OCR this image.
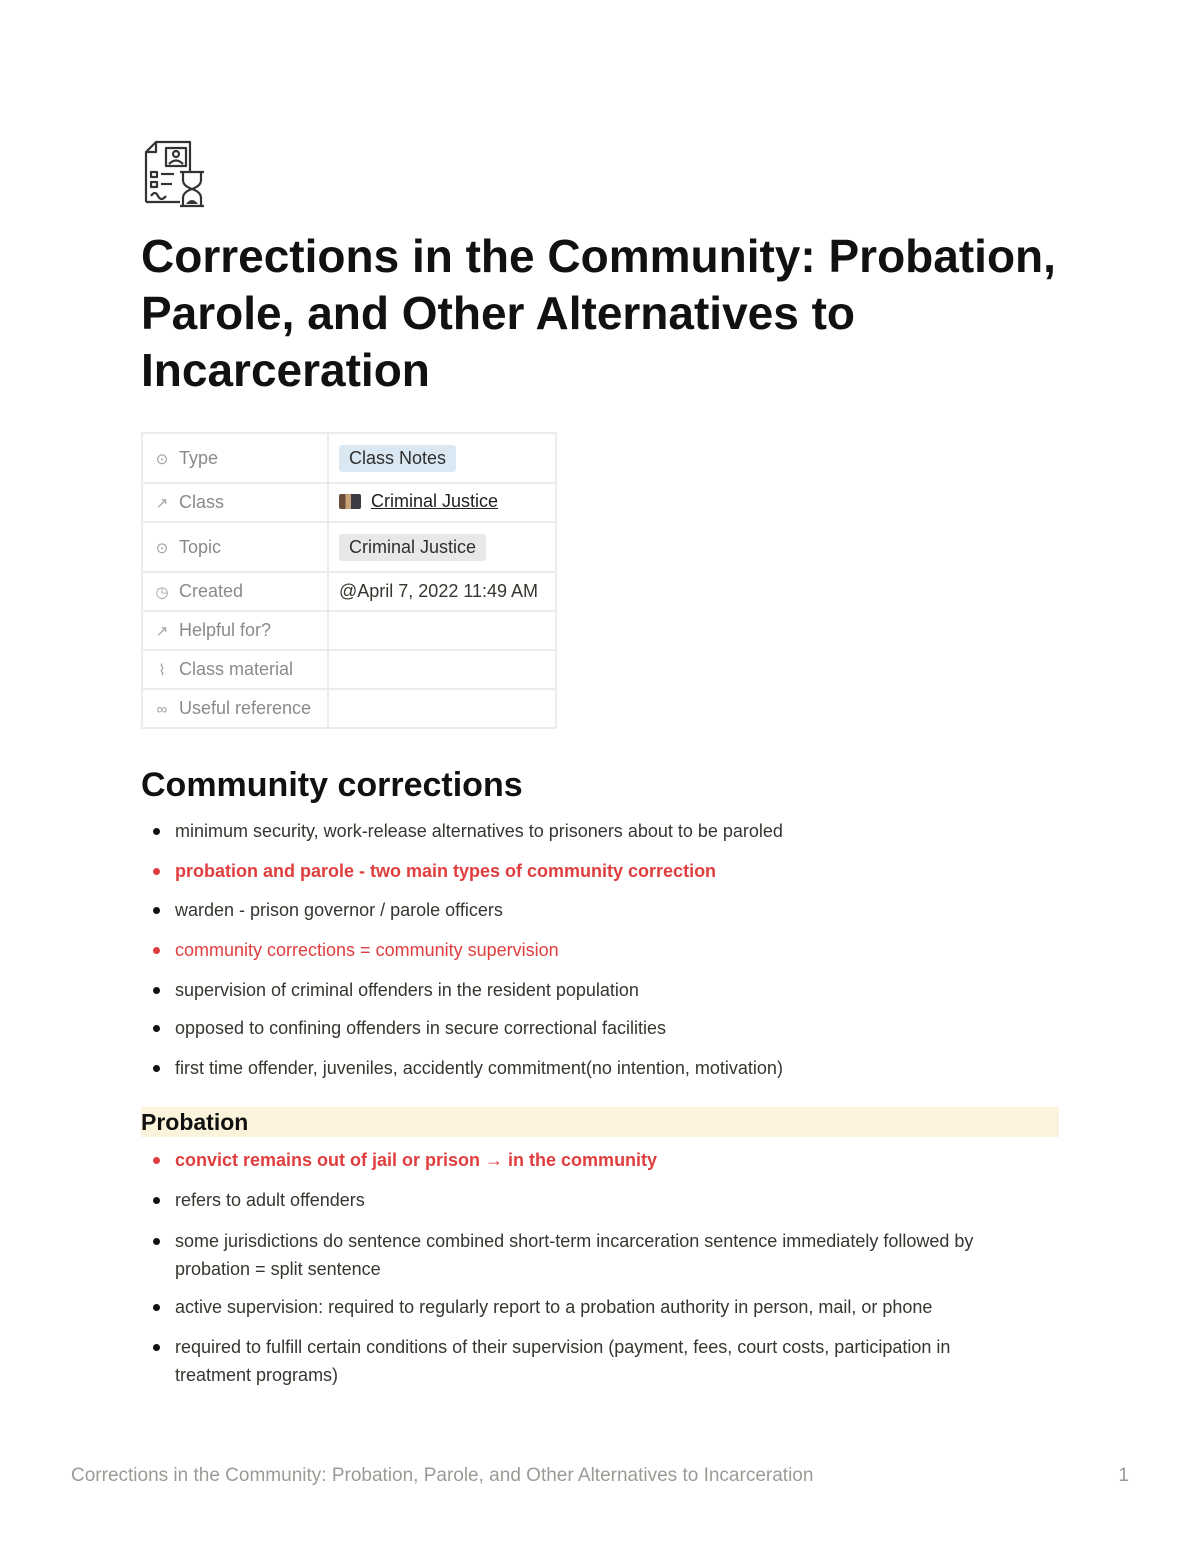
Corrections in the Community: Probation, Parole, and Other Alternatives to Incarceration
⊙ Type	Class Notes
↗ Class	Criminal Justice

⊙ Topic	Criminal Justice
◷ Created	@April 7, 2022 11:49 AM
↗ Helpful for?	
⌇ Class material	
∞ Useful reference	
Community corrections
minimum security, work-release alternatives to prisoners about to be paroled
probation and parole - two main types of community correction
warden - prison governor / parole officers
community corrections = community supervision
supervision of criminal offenders in the resident population
opposed to confining offenders in secure correctional facilities
first time offender, juveniles, accidently commitment(no intention, motivation)
Probation
convict remains out of jail or prison → in the community
refers to adult offenders
some jurisdictions do sentence combined short-term incarceration sentence immediately followed by probation = split sentence
active supervision: required to regularly report to a probation authority in person, mail, or phone
required to fulfill certain conditions of their supervision (payment, fees, court costs, participation in treatment programs)
Corrections in the Community: Probation, Parole, and Other Alternatives to Incarceration	1
